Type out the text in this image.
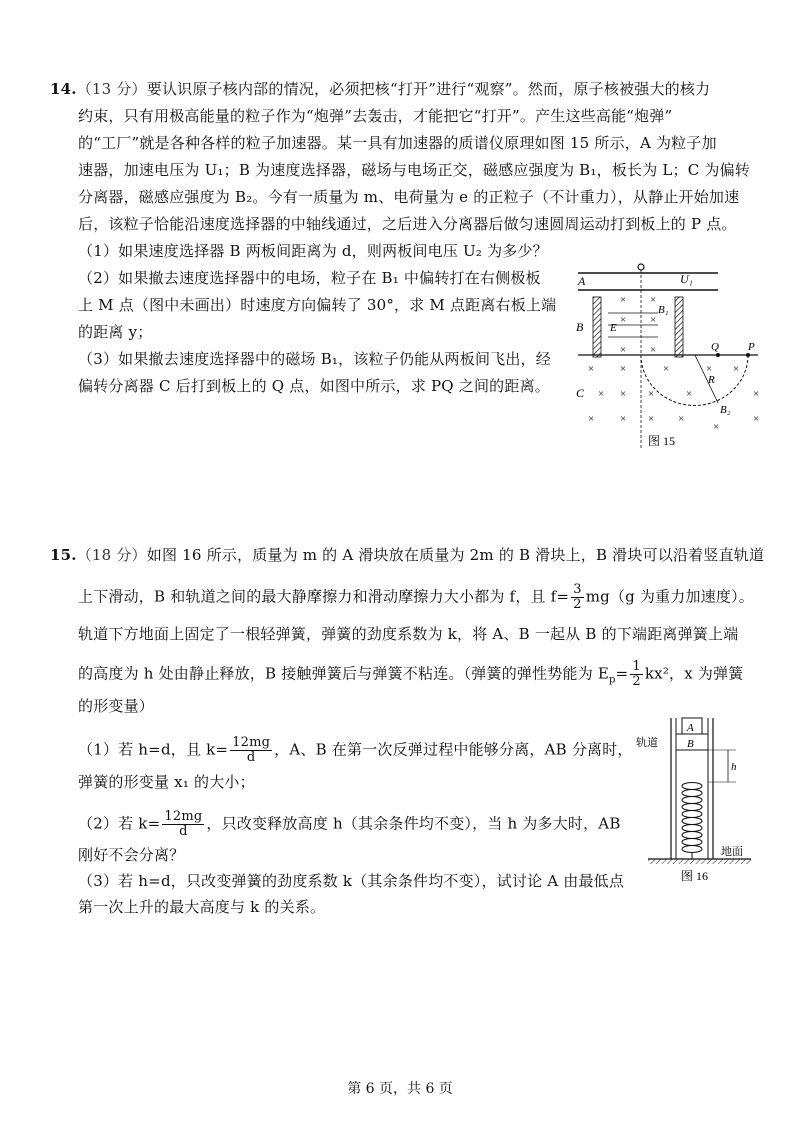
14.（13 分）要认识原子核内部的情况，必须把核“打开”进行“观察”。然而，原子核被强大的核力
约束，只有用极高能量的粒子作为“炮弹”去轰击，才能把它“打开”。产生这些高能“炮弹”
的“工厂”就是各种各样的粒子加速器。某一具有加速器的质谱仪原理如图 15 所示，A 为粒子加
速器，加速电压为 U₁；B 为速度选择器，磁场与电场正交，磁感应强度为 B₁，板长为 L；C 为偏转
分离器，磁感应强度为 B₂。今有一质量为 m、电荷量为 e 的正粒子（不计重力），从静止开始加速
后，该粒子恰能沿速度选择器的中轴线通过，之后进入分离器后做匀速圆周运动打到板上的 P 点。
（1）如果速度选择器 B 两板间距离为 d，则两板间电压 U₂ 为多少？
（2）如果撤去速度选择器中的电场，粒子在 B₁ 中偏转打在右侧极板
上 M 点（图中未画出）时速度方向偏转了 30°，求 M 点距离右板上端
的距离 y；
（3）如果撤去速度选择器中的磁场 B₁，该粒子仍能从两板间飞出，经
偏转分离器 C 后打到板上的 Q 点，如图中所示，求 PQ 之间的距离。
A	U₁
B E
B₁
× ×
× ×
× ×	Q	P
R
B₂
C
× ×	×	× ×
× × ×	×	×
× × × ×
×
×
图 15
15.（18 分）如图 16 所示，质量为 m 的 A 滑块放在质量为 2m 的 B 滑块上，B 滑块可以沿着竖直轨道
上下滑动，B 和轨道之间的最大静摩擦力和滑动摩擦力大小都为 f，且 $f= \frac{3}{2} mg(g$ 为重力加速度）。
轨道下方地面上固定了一根轻弹簧，弹簧的劲度系数为 k，将 A、B 一起从 B 的下端距离弹簧上端
的高度为 h 处由静止释放，B 接触弹簧后与弹簧不粘连。（弹簧的弹性势能为 $E_p= \frac{1}{2} kx^2$，x 为弹簧
的形变量）
（1）若 h=d，且 $k= \frac{12mg}{d}$ ，A、B 在第一次反弹过程中能够分离，AB 分离时，
弹簧的形变量 x₁ 的大小；
（2）若 $k= \frac{12mg}{d}$ ，只改变释放高度 h（其余条件均不变），当 h 为多大时，AB
刚好不会分离？
（3）若 h=d，只改变弹簧的劲度系数 k（其余条件均不变），试讨论 A 由最低点
第一次上升的最大高度与 k 的关系。
A
B
轨道
h
地面
图 16
第 6 页，共 6 页
